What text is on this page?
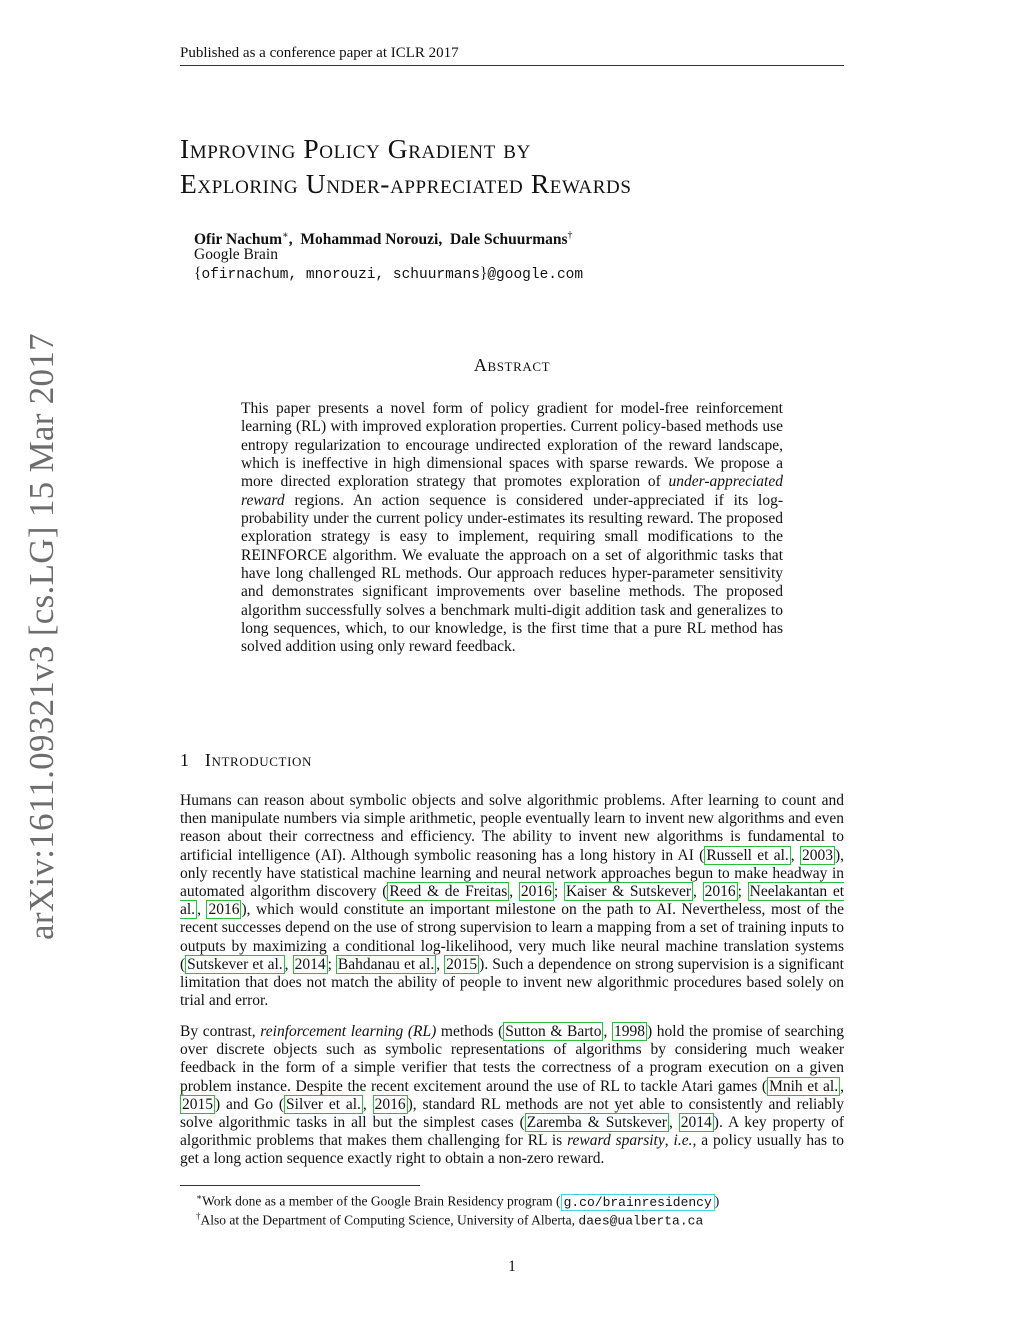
Published as a conference paper at ICLR 2017
arXiv:1611.09321v3 [cs.LG] 15 Mar 2017
Improving Policy Gradient by
Exploring Under-appreciated Rewards
Ofir Nachum∗,  Mohammad Norouzi,  Dale Schuurmans†
Google Brain
{ofirnachum, mnorouzi, schuurmans}@google.com
Abstract
This paper presents a novel form of policy gradient for model-free reinforcement learning (RL) with improved exploration properties. Current policy-based methods use entropy regularization to encourage undirected exploration of the reward landscape, which is ineffective in high dimensional spaces with sparse rewards. We propose a more directed exploration strategy that promotes exploration of under-appreciated reward regions. An action sequence is considered under-appreciated if its log-probability under the current policy under-estimates its resulting reward. The proposed exploration strategy is easy to implement, requiring small modifications to the REINFORCE algorithm. We evaluate the approach on a set of algorithmic tasks that have long challenged RL methods. Our approach reduces hyper-parameter sensitivity and demonstrates significant improvements over baseline methods. The proposed algorithm successfully solves a benchmark multi-digit addition task and generalizes to long sequences, which, to our knowledge, is the first time that a pure RL method has solved addition using only reward feedback.
1 Introduction
Humans can reason about symbolic objects and solve algorithmic problems. After learning to count and then manipulate numbers via simple arithmetic, people eventually learn to invent new algorithms and even reason about their correctness and efficiency. The ability to invent new algorithms is fundamental to artificial intelligence (AI). Although symbolic reasoning has a long history in AI ( Russell et al. , 2003 ), only recently have statistical machine learning and neural network approaches begun to make headway in automated algorithm discovery ( Reed & de Freitas , 2016 ; Kaiser & Sutskever , 2016 ; Neelakantan et al. , 2016 ), which would constitute an important milestone on the path to AI. Nevertheless, most of the recent successes depend on the use of strong supervision to learn a mapping from a set of training inputs to outputs by maximizing a conditional log-likelihood, very much like neural machine translation systems ( Sutskever et al. , 2014 ; Bahdanau et al. , 2015 ). Such a dependence on strong supervision is a significant limitation that does not match the ability of people to invent new algorithmic procedures based solely on trial and error.
By contrast, reinforcement learning (RL) methods ( Sutton & Barto , 1998 ) hold the promise of searching over discrete objects such as symbolic representations of algorithms by considering much weaker feedback in the form of a simple verifier that tests the correctness of a program execution on a given problem instance. Despite the recent excitement around the use of RL to tackle Atari games ( Mnih et al. , 2015 ) and Go ( Silver et al. , 2016 ), standard RL methods are not yet able to consistently and reliably solve algorithmic tasks in all but the simplest cases ( Zaremba & Sutskever , 2014 ). A key property of algorithmic problems that makes them challenging for RL is reward sparsity, i.e., a policy usually has to get a long action sequence exactly right to obtain a non-zero reward.
∗Work done as a member of the Google Brain Residency program ( g.co/brainresidency )
†Also at the Department of Computing Science, University of Alberta, daes@ualberta.ca
1
